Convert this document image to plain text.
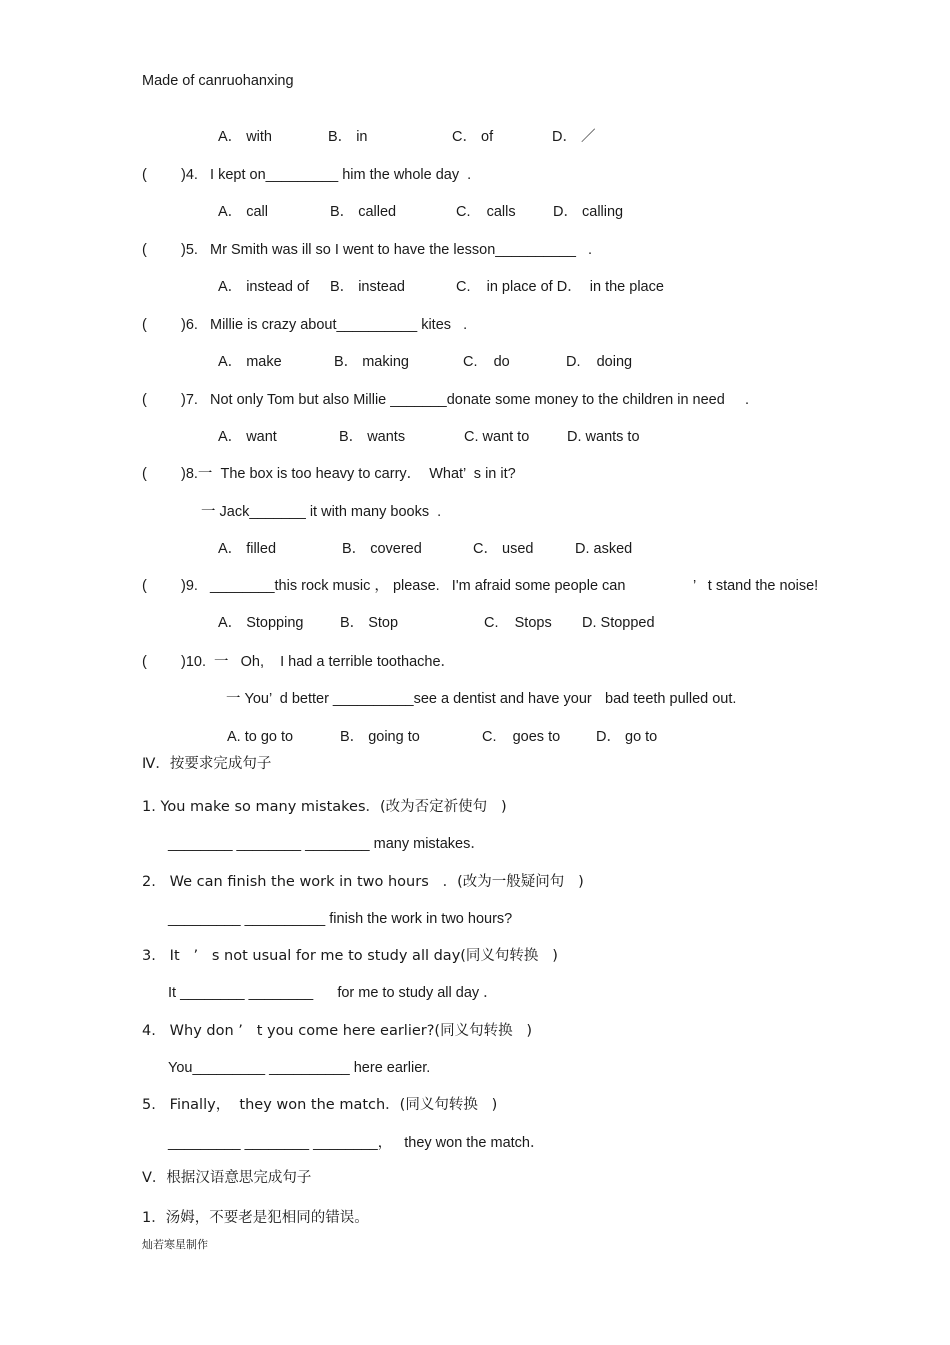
Made of canruohanxing
A． with	B． in	C． of	D． ／
( )4.   I kept on_________ him the whole day  .
A． call	B． called	C.    calls	D． calling
( )5.   Mr Smith was ill so I went to have the lesson__________   .
A． instead of B． instead	C.    in place of D．  in the place
( )6.   Millie is crazy about__________ kites   .
A． make	B． making	C.    do	D.    doing
( )7.   Not only Tom but also Millie _______donate some money to the children in need     .
A． want	B． wants	C. want to	D. wants to
( )8.一  The box is too heavy to carry．  What’  s in it?
一 Jack_______ it with many books  .
A． filled	B． covered	C． used	D. asked
( )9.   ________this rock music ， please.   I'm afraid some people can	’   t stand the noise!
A． Stopping	B． Stop	C.    Stops D. Stopped
( )10.  一   Oh,    I had a terrible toothache．
一 You’  d better __________see a dentist and have your bad teeth pulled out.
A. to go to	B． going to	C.    goes to D． go to
Ⅳ．按要求完成句子
1. You make so many mistakes．(改为否定祈使句   )
________ ________ ________ many mistakes．
2.   We can finish the work in two hours   ．(改为一般疑问句   )
_________ __________ finish the work in two hours?
3.   It   ’   s not usual for me to study all day(同义句转换   )
It ________ ________      for me to study all day ．
4.   Why don ’   t you come here earlier?(同义句转换   )
You_________ __________ here earlier.
5.   Finally，  they won the match．(同义句转换   )
_________ ________ ________，   they won the match．
Ⅴ．根据汉语意思完成句子
1．汤姆，不要老是犯相同的错误。
灿若寒星制作
